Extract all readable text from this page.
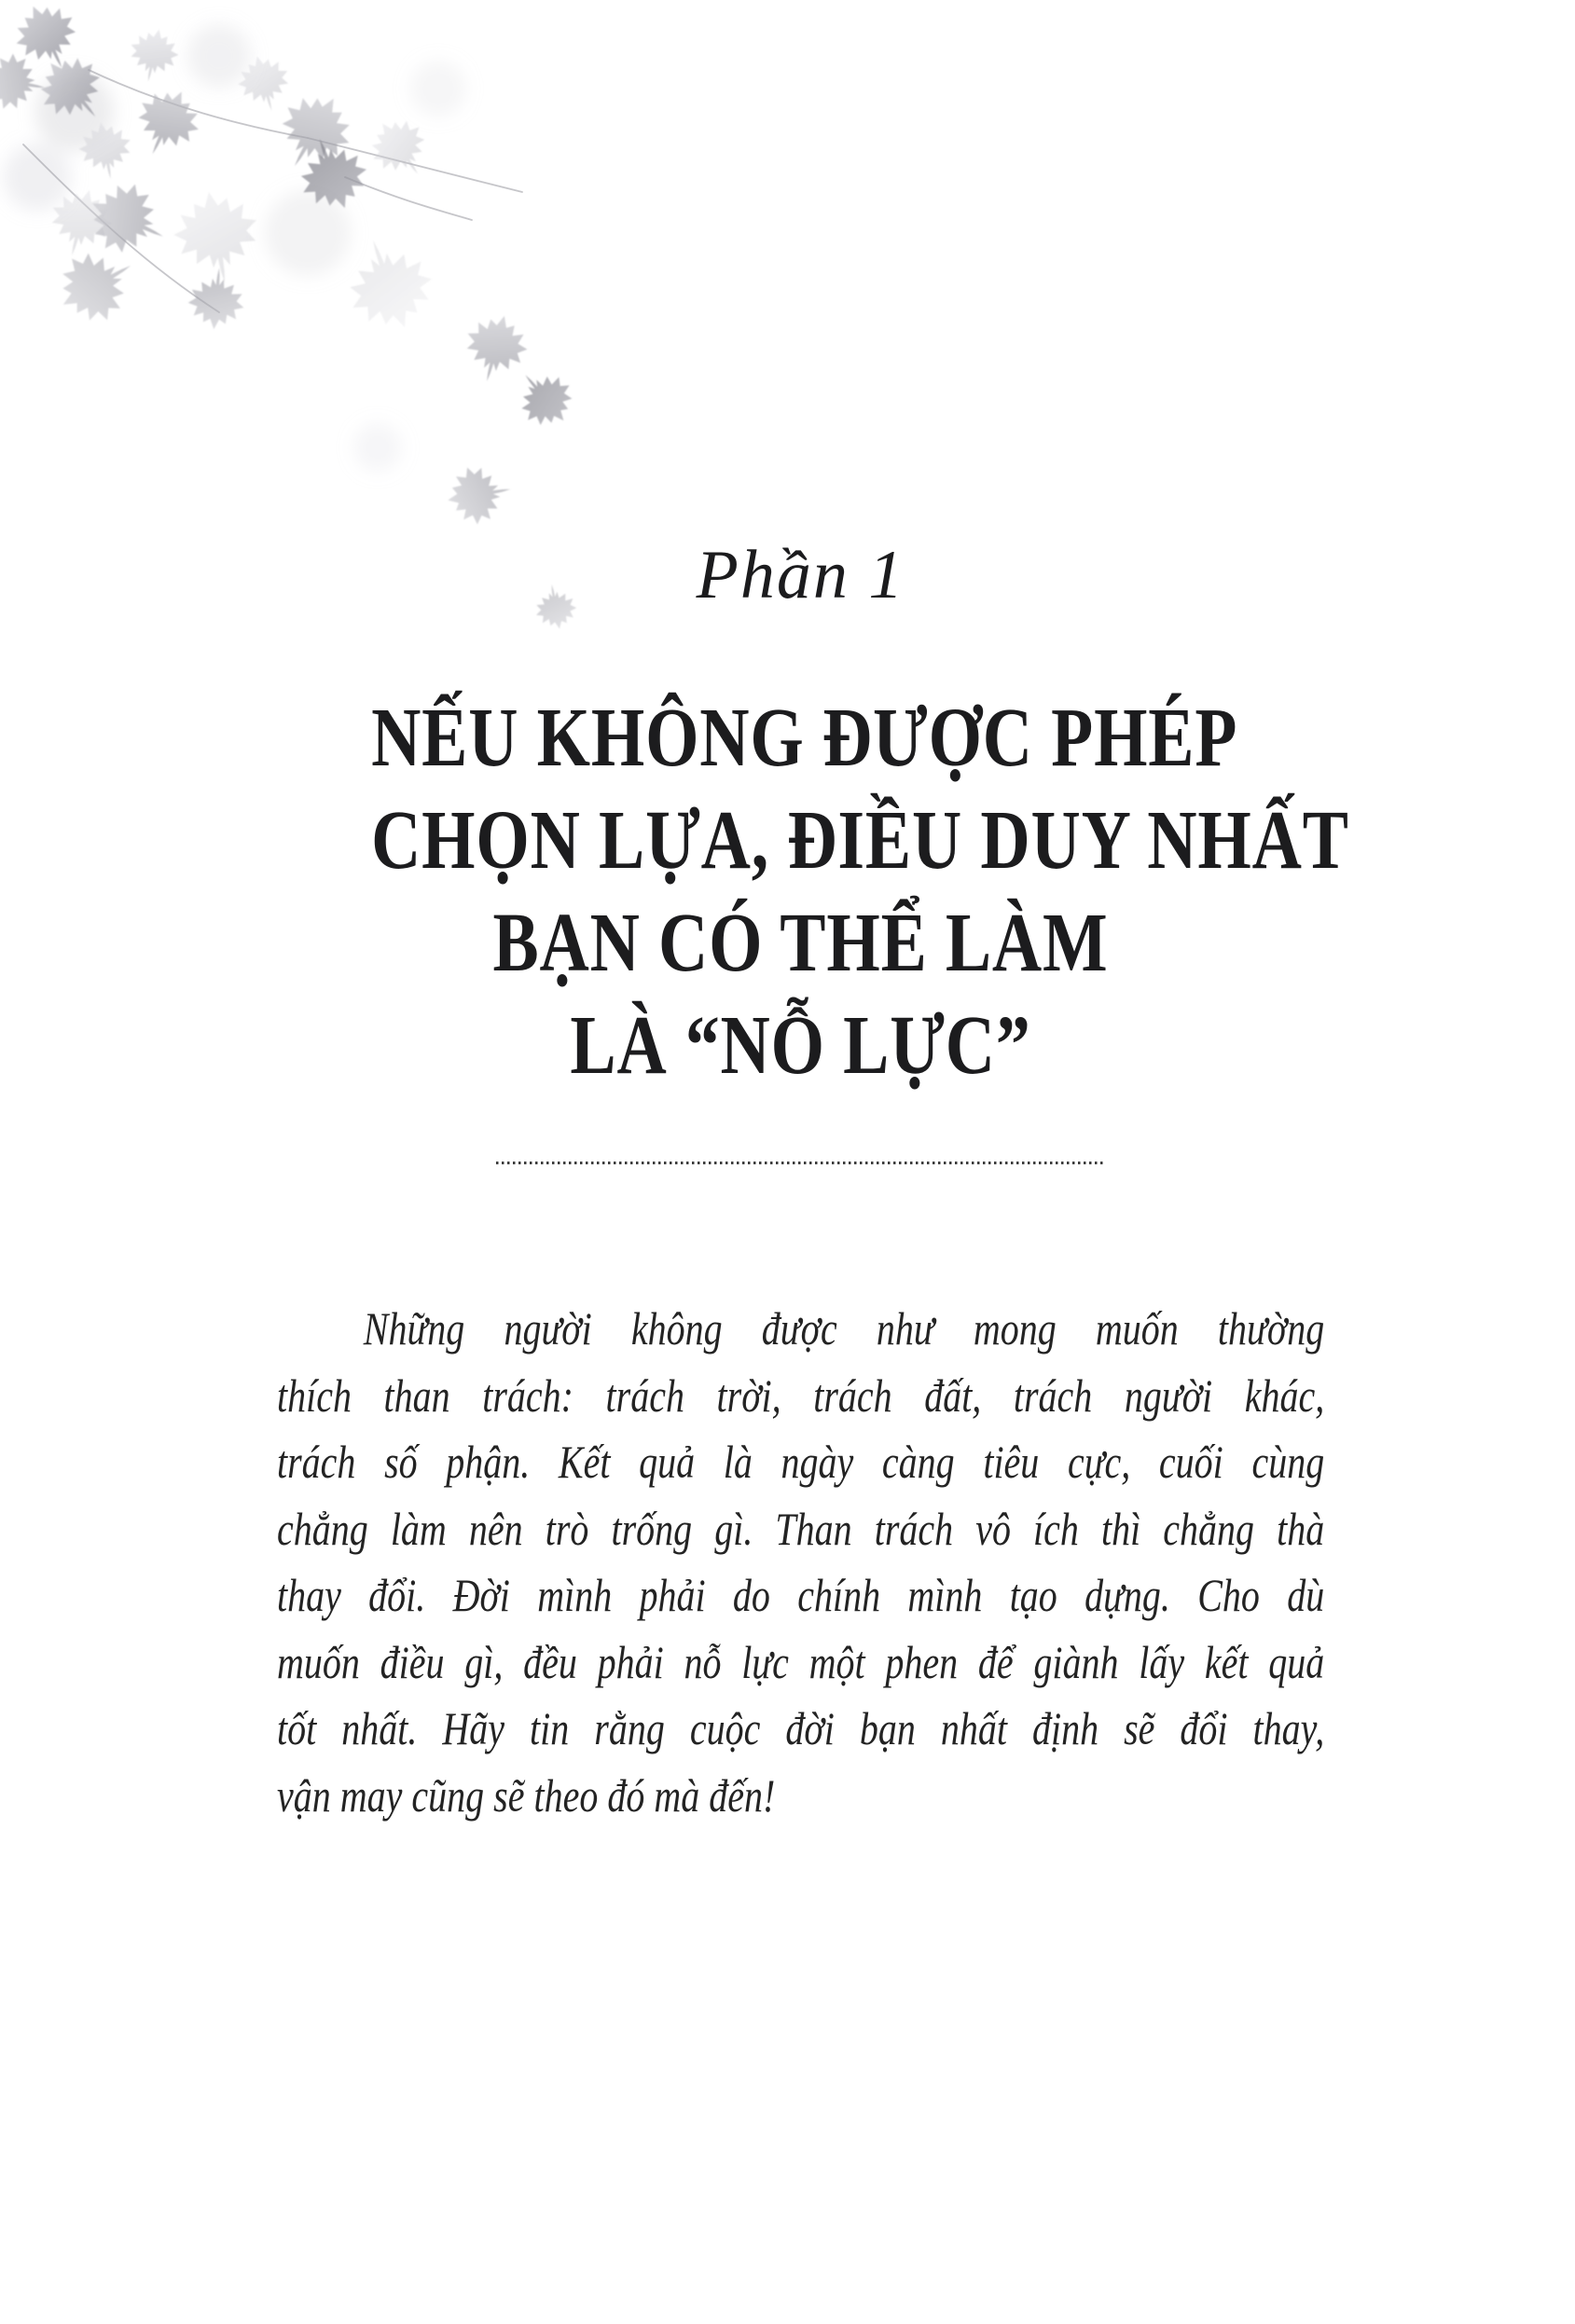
Phần 1
NẾU KHÔNG ĐƯỢC PHÉP
CHỌN LỰA, ĐIỀU DUY NHẤT
BẠN CÓ THỂ LÀM
LÀ “NỖ LỰC”
Những người không được như mong muốn thường
thích than trách: trách trời, trách đất, trách người khác,
trách số phận. Kết quả là ngày càng tiêu cực, cuối cùng
chẳng làm nên trò trống gì. Than trách vô ích thì chẳng thà
thay đổi. Đời mình phải do chính mình tạo dựng. Cho dù
muốn điều gì, đều phải nỗ lực một phen để giành lấy kết quả
tốt nhất. Hãy tin rằng cuộc đời bạn nhất định sẽ đổi thay,
vận may cũng sẽ theo đó mà đến!
